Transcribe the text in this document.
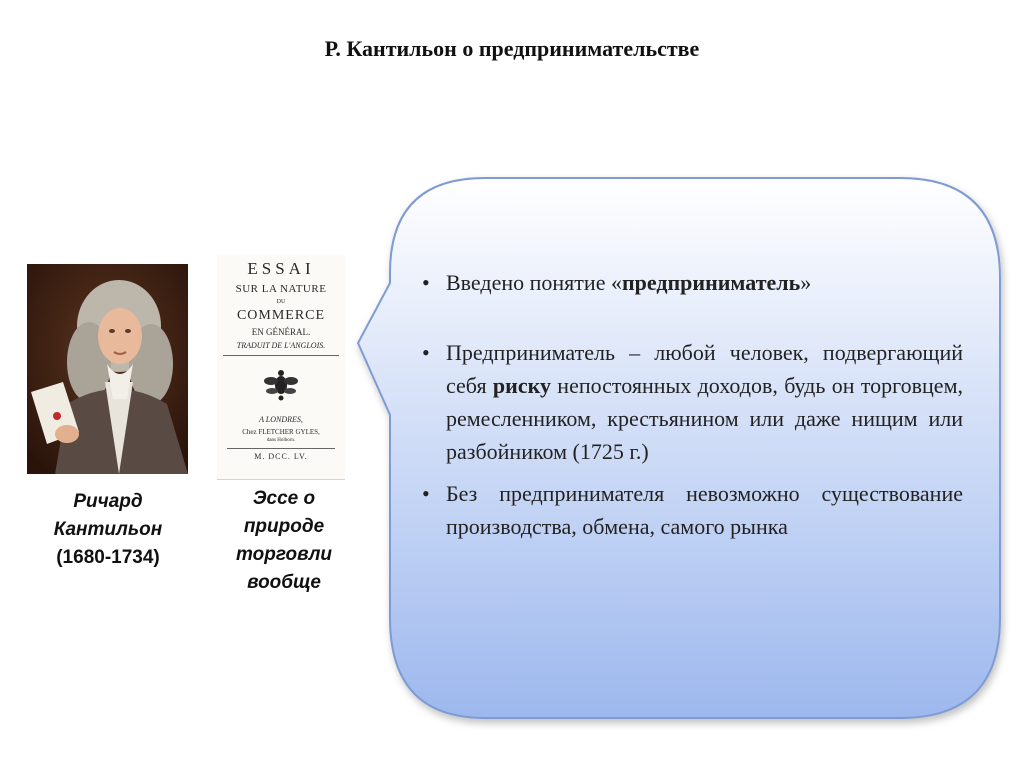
Р. Кантильон о предпринимательстве
Ричард
Кантильон
(1680-1734)
ESSAI
SUR LA NATURE
DU
COMMERCE
EN GÉNÉRAL.
TRADUIT DE L'ANGLOIS.
A LONDRES,
Chez FLETCHER GYLES,
dans Holborn.
M. DCC. LV.
Эссе о
природе
торговли
вообще
• Введено понятие «предприниматель»
• Предприниматель – любой человек, подвергающий себя риску непостоянных доходов, будь он торговцем, ремесленником, крестьянином или даже нищим или разбойником (1725 г.)
• Без предпринимателя невозможно существование производства, обмена, самого рынка
